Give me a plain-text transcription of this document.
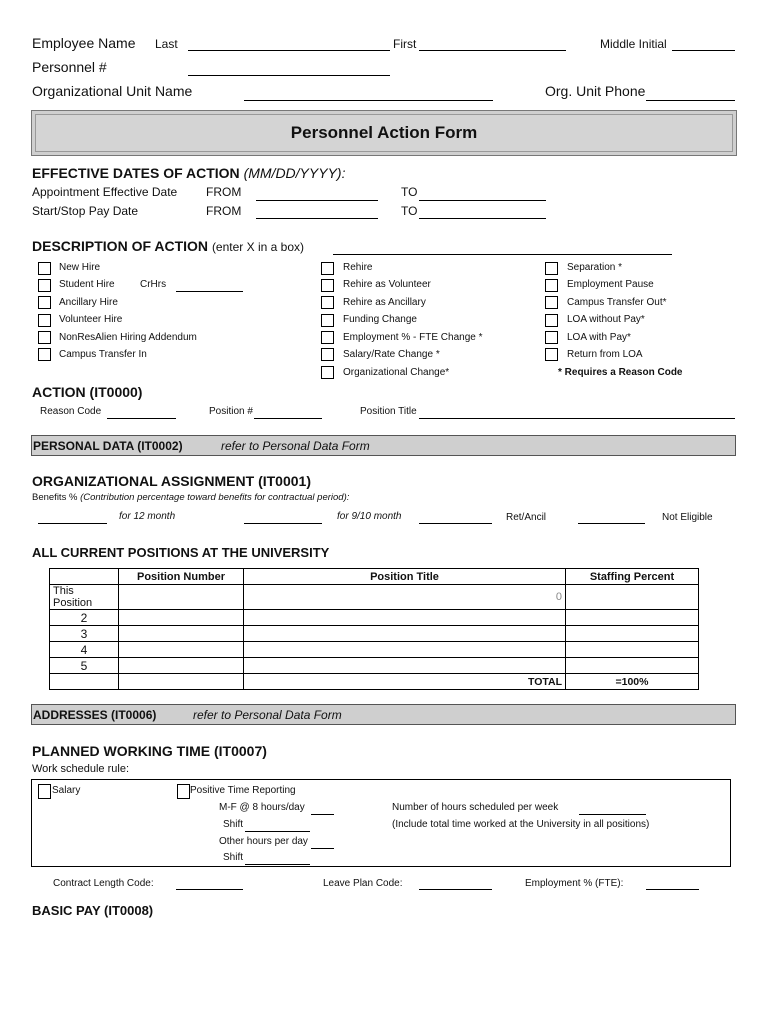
Employee Name Last	First	Middle Initial
Personnel #
Organizational Unit Name	Org. Unit Phone
Personnel Action Form
EFFECTIVE DATES OF ACTION (MM/DD/YYYY):
Appointment Effective Date FROM	TO
Start/Stop Pay Date	FROM	TO
DESCRIPTION OF ACTION (enter X in a box)
New Hire
Student Hire	CrHrs
Ancillary Hire
Volunteer Hire
NonResAlien Hiring Addendum
Campus Transfer In
Rehire
Rehire as Volunteer
Rehire as Ancillary
Funding Change
Employment % - FTE Change *
Salary/Rate Change *
Organizational Change*
Separation *
Employment Pause
Campus Transfer Out*
LOA without Pay*
LOA with Pay*
Return from LOA
* Requires a Reason Code
ACTION (IT0000)
Reason Code	Position #	Position Title
PERSONAL DATA (IT0002)	refer to Personal Data Form
ORGANIZATIONAL ASSIGNMENT (IT0001)
Benefits % (Contribution percentage toward benefits for contractual period):
for 12 month	for 9/10 month	Ret/Ancil	Not Eligible
ALL CURRENT POSITIONS AT THE UNIVERSITY
	Position Number	Position Title	Staffing Percent
This Position		0	
2			
3			
4			
5			
		TOTAL	=100%
ADDRESSES (IT0006)	refer to Personal Data Form
PLANNED WORKING TIME (IT0007)
Work schedule rule:
Salary	Positive Time Reporting
M-F @ 8 hours/day
Shift
Other hours per day
Shift
Number of hours scheduled per week
(Include total time worked at the University in all positions)
Contract Length Code:	Leave Plan Code:	Employment % (FTE):
BASIC PAY (IT0008)
